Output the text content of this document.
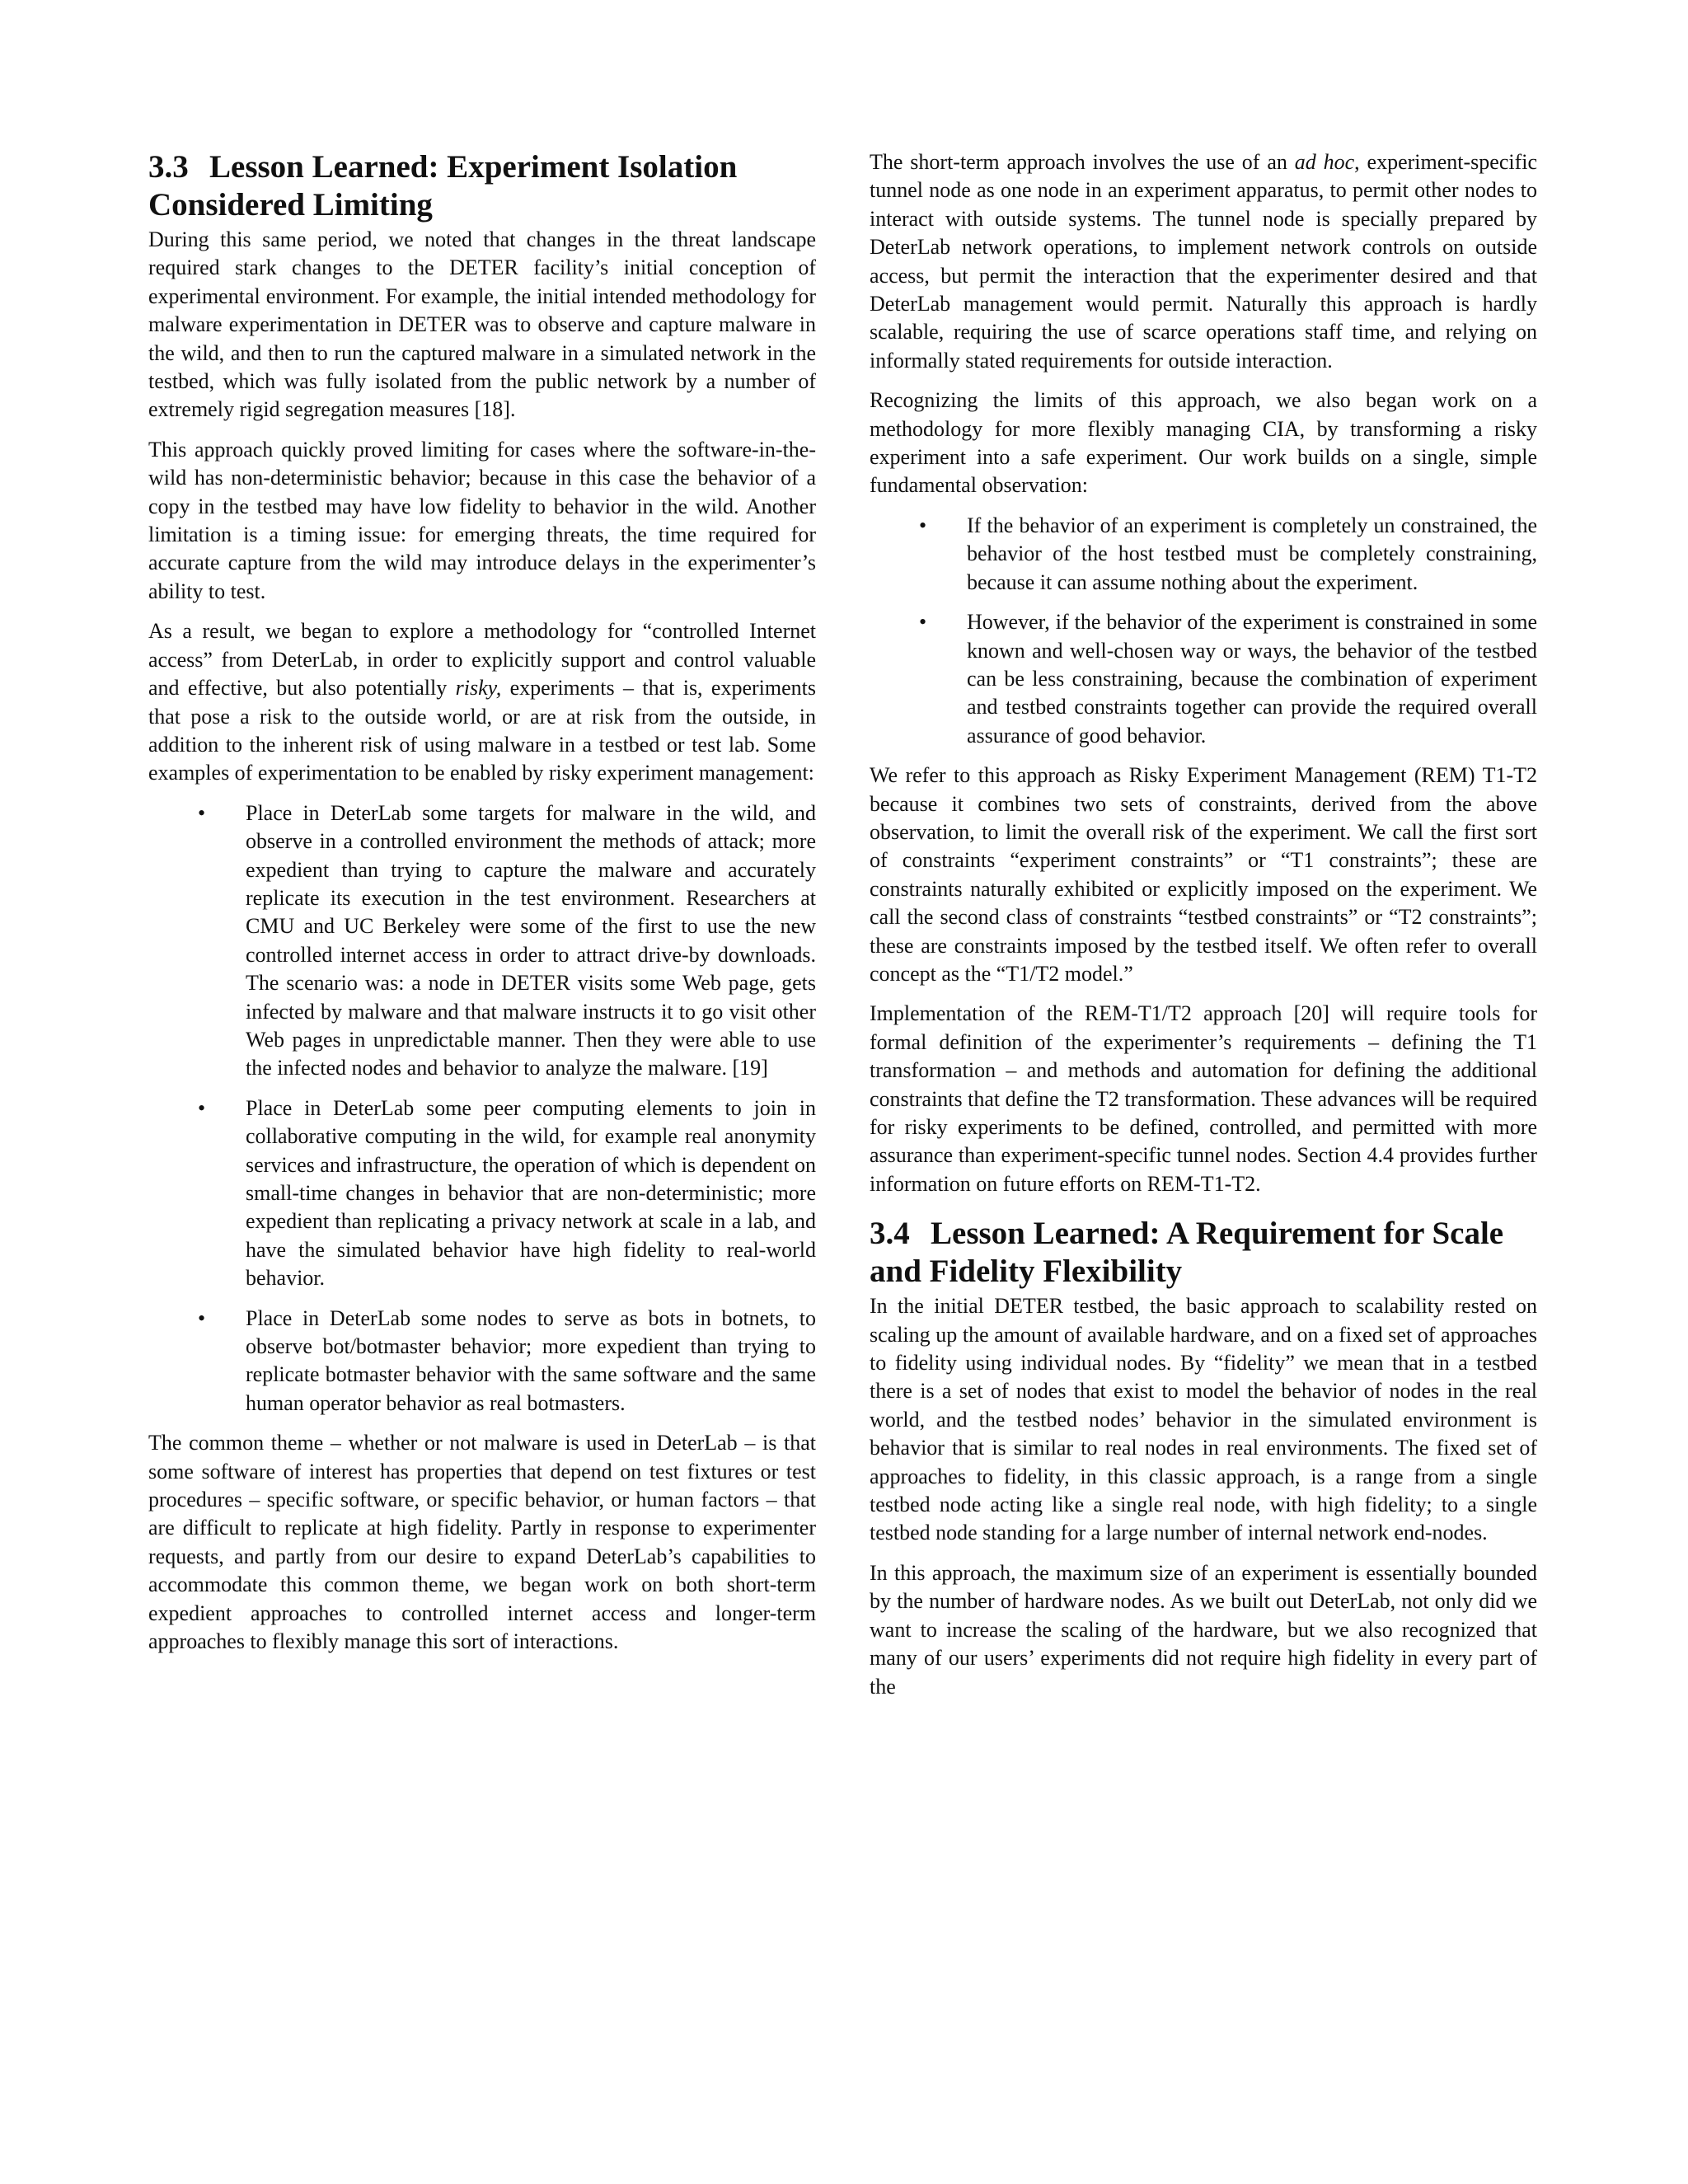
3.3 Lesson Learned: Experiment Isolation Considered Limiting

During this same period, we noted that changes in the threat landscape required stark changes to the DETER facility’s initial conception of experimental environment. For example, the initial intended methodology for malware experimentation in DETER was to observe and capture malware in the wild, and then to run the captured malware in a simulated network in the testbed, which was fully isolated from the public network by a number of extremely rigid segregation measures [18].

This approach quickly proved limiting for cases where the software-in-the-wild has non-deterministic behavior; because in this case the behavior of a copy in the testbed may have low fidelity to behavior in the wild. Another limitation is a timing issue: for emerging threats, the time required for accurate capture from the wild may introduce delays in the experimenter’s ability to test.

As a result, we began to explore a methodology for “controlled Internet access” from DeterLab, in order to explicitly support and control valuable and effective, but also potentially risky, experiments – that is, experiments that pose a risk to the outside world, or are at risk from the outside, in addition to the inherent risk of using malware in a testbed or test lab. Some examples of experimentation to be enabled by risky experiment management:

• Place in DeterLab some targets for malware in the wild, and observe in a controlled environment the methods of attack; more expedient than trying to capture the malware and accurately replicate its execution in the test environment. Researchers at CMU and UC Berkeley were some of the first to use the new controlled internet access in order to attract drive-by downloads. The scenario was: a node in DETER visits some Web page, gets infected by malware and that malware instructs it to go visit other Web pages in unpredictable manner. Then they were able to use the infected nodes and behavior to analyze the malware. [19]
• Place in DeterLab some peer computing elements to join in collaborative computing in the wild, for example real anonymity services and infrastructure, the operation of which is dependent on small-time changes in behavior that are non-deterministic; more expedient than replicating a privacy network at scale in a lab, and have the simulated behavior have high fidelity to real-world behavior.
• Place in DeterLab some nodes to serve as bots in botnets, to observe bot/botmaster behavior; more expedient than trying to replicate botmaster behavior with the same software and the same human operator behavior as real botmasters.

The common theme – whether or not malware is used in DeterLab – is that some software of interest has properties that depend on test fixtures or test procedures – specific software, or specific behavior, or human factors – that are difficult to replicate at high fidelity. Partly in response to experimenter requests, and partly from our desire to expand DeterLab’s capabilities to accommodate this common theme, we began work on both short-term expedient approaches to controlled internet access and longer-term approaches to flexibly manage this sort of interactions.

The short-term approach involves the use of an ad hoc, experiment-specific tunnel node as one node in an experiment apparatus, to permit other nodes to interact with outside systems. The tunnel node is specially prepared by DeterLab network operations, to implement network controls on outside access, but permit the interaction that the experimenter desired and that DeterLab management would permit. Naturally this approach is hardly scalable, requiring the use of scarce operations staff time, and relying on informally stated requirements for outside interaction.

Recognizing the limits of this approach, we also began work on a methodology for more flexibly managing CIA, by transforming a risky experiment into a safe experiment. Our work builds on a single, simple fundamental observation:

• If the behavior of an experiment is completely un constrained, the behavior of the host testbed must be completely constraining, because it can assume nothing about the experiment.
• However, if the behavior of the experiment is constrained in some known and well-chosen way or ways, the behavior of the testbed can be less constraining, because the combination of experiment and testbed constraints together can provide the required overall assurance of good behavior.

We refer to this approach as Risky Experiment Management (REM) T1-T2 because it combines two sets of constraints, derived from the above observation, to limit the overall risk of the experiment. We call the first sort of constraints “experiment constraints” or “T1 constraints”; these are constraints naturally exhibited or explicitly imposed on the experiment. We call the second class of constraints “testbed constraints” or “T2 constraints”; these are constraints imposed by the testbed itself. We often refer to overall concept as the “T1/T2 model.”

Implementation of the REM-T1/T2 approach [20] will require tools for formal definition of the experimenter’s requirements – defining the T1 transformation – and methods and automation for defining the additional constraints that define the T2 transformation. These advances will be required for risky experiments to be defined, controlled, and permitted with more assurance than experiment-specific tunnel nodes. Section 4.4 provides further information on future efforts on REM-T1-T2.

3.4 Lesson Learned: A Requirement for Scale and Fidelity Flexibility

In the initial DETER testbed, the basic approach to scalability rested on scaling up the amount of available hardware, and on a fixed set of approaches to fidelity using individual nodes. By “fidelity” we mean that in a testbed there is a set of nodes that exist to model the behavior of nodes in the real world, and the testbed nodes’ behavior in the simulated environment is behavior that is similar to real nodes in real environments. The fixed set of approaches to fidelity, in this classic approach, is a range from a single testbed node acting like a single real node, with high fidelity; to a single testbed node standing for a large number of internal network end-nodes.

In this approach, the maximum size of an experiment is essentially bounded by the number of hardware nodes. As we built out DeterLab, not only did we want to increase the scaling of the hardware, but we also recognized that many of our users’ experiments did not require high fidelity in every part of the
